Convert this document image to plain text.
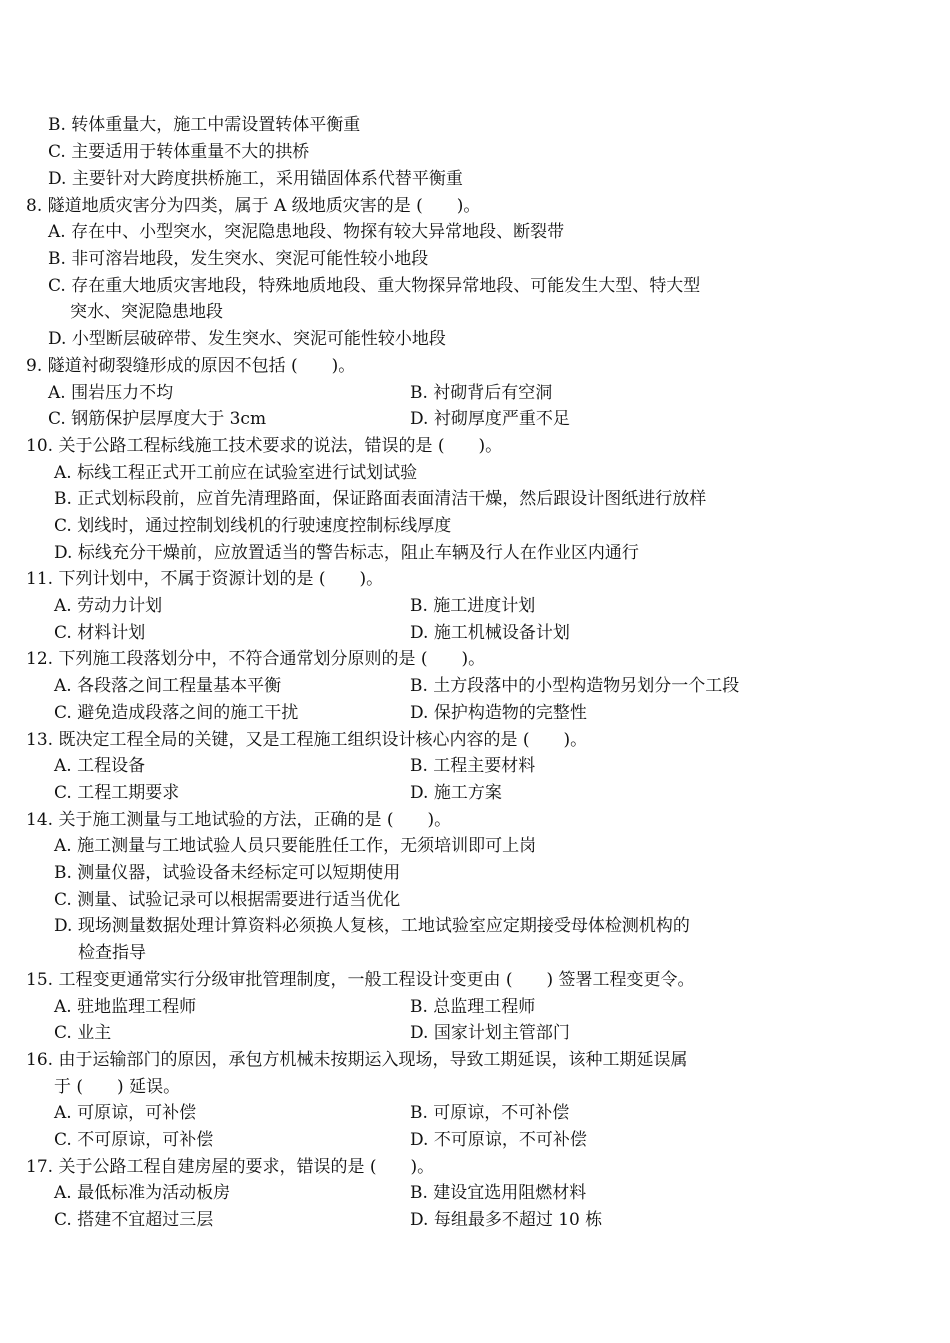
B. 转体重量大，施工中需设置转体平衡重
C. 主要适用于转体重量不大的拱桥
D. 主要针对大跨度拱桥施工，采用锚固体系代替平衡重
8. 隧道地质灾害分为四类，属于 A 级地质灾害的是 (　　)。
A. 存在中、小型突水，突泥隐患地段、物探有较大异常地段、断裂带
B. 非可溶岩地段，发生突水、突泥可能性较小地段
C. 存在重大地质灾害地段，特殊地质地段、重大物探异常地段、可能发生大型、特大型
突水、突泥隐患地段
D. 小型断层破碎带、发生突水、突泥可能性较小地段
9. 隧道衬砌裂缝形成的原因不包括 (　　)。
A. 围岩压力不均	B. 衬砌背后有空洞
C. 钢筋保护层厚度大于 3cm	D. 衬砌厚度严重不足
10. 关于公路工程标线施工技术要求的说法，错误的是 (　　)。
A. 标线工程正式开工前应在试验室进行试划试验
B. 正式划标段前，应首先清理路面，保证路面表面清洁干燥，然后跟设计图纸进行放样
C. 划线时，通过控制划线机的行驶速度控制标线厚度
D. 标线充分干燥前，应放置适当的警告标志，阻止车辆及行人在作业区内通行
11. 下列计划中，不属于资源计划的是 (　　)。
A. 劳动力计划	B. 施工进度计划
C. 材料计划	D. 施工机械设备计划
12. 下列施工段落划分中，不符合通常划分原则的是 (　　)。
A. 各段落之间工程量基本平衡	B. 土方段落中的小型构造物另划分一个工段
C. 避免造成段落之间的施工干扰	D. 保护构造物的完整性
13. 既决定工程全局的关键，又是工程施工组织设计核心内容的是 (　　)。
A. 工程设备	B. 工程主要材料
C. 工程工期要求	D. 施工方案
14. 关于施工测量与工地试验的方法，正确的是 (　　)。
A. 施工测量与工地试验人员只要能胜任工作，无须培训即可上岗
B. 测量仪器，试验设备未经标定可以短期使用
C. 测量、试验记录可以根据需要进行适当优化
D. 现场测量数据处理计算资料必须换人复核，工地试验室应定期接受母体检测机构的
检查指导
15. 工程变更通常实行分级审批管理制度，一般工程设计变更由 (　　) 签署工程变更令。
A. 驻地监理工程师	B. 总监理工程师
C. 业主	D. 国家计划主管部门
16. 由于运输部门的原因，承包方机械未按期运入现场，导致工期延误，该种工期延误属
于 (　　) 延误。
A. 可原谅，可补偿	B. 可原谅，不可补偿
C. 不可原谅，可补偿	D. 不可原谅，不可补偿
17. 关于公路工程自建房屋的要求，错误的是 (　　)。
A. 最低标准为活动板房	B. 建设宜选用阻燃材料
C. 搭建不宜超过三层	D. 每组最多不超过 10 栋
